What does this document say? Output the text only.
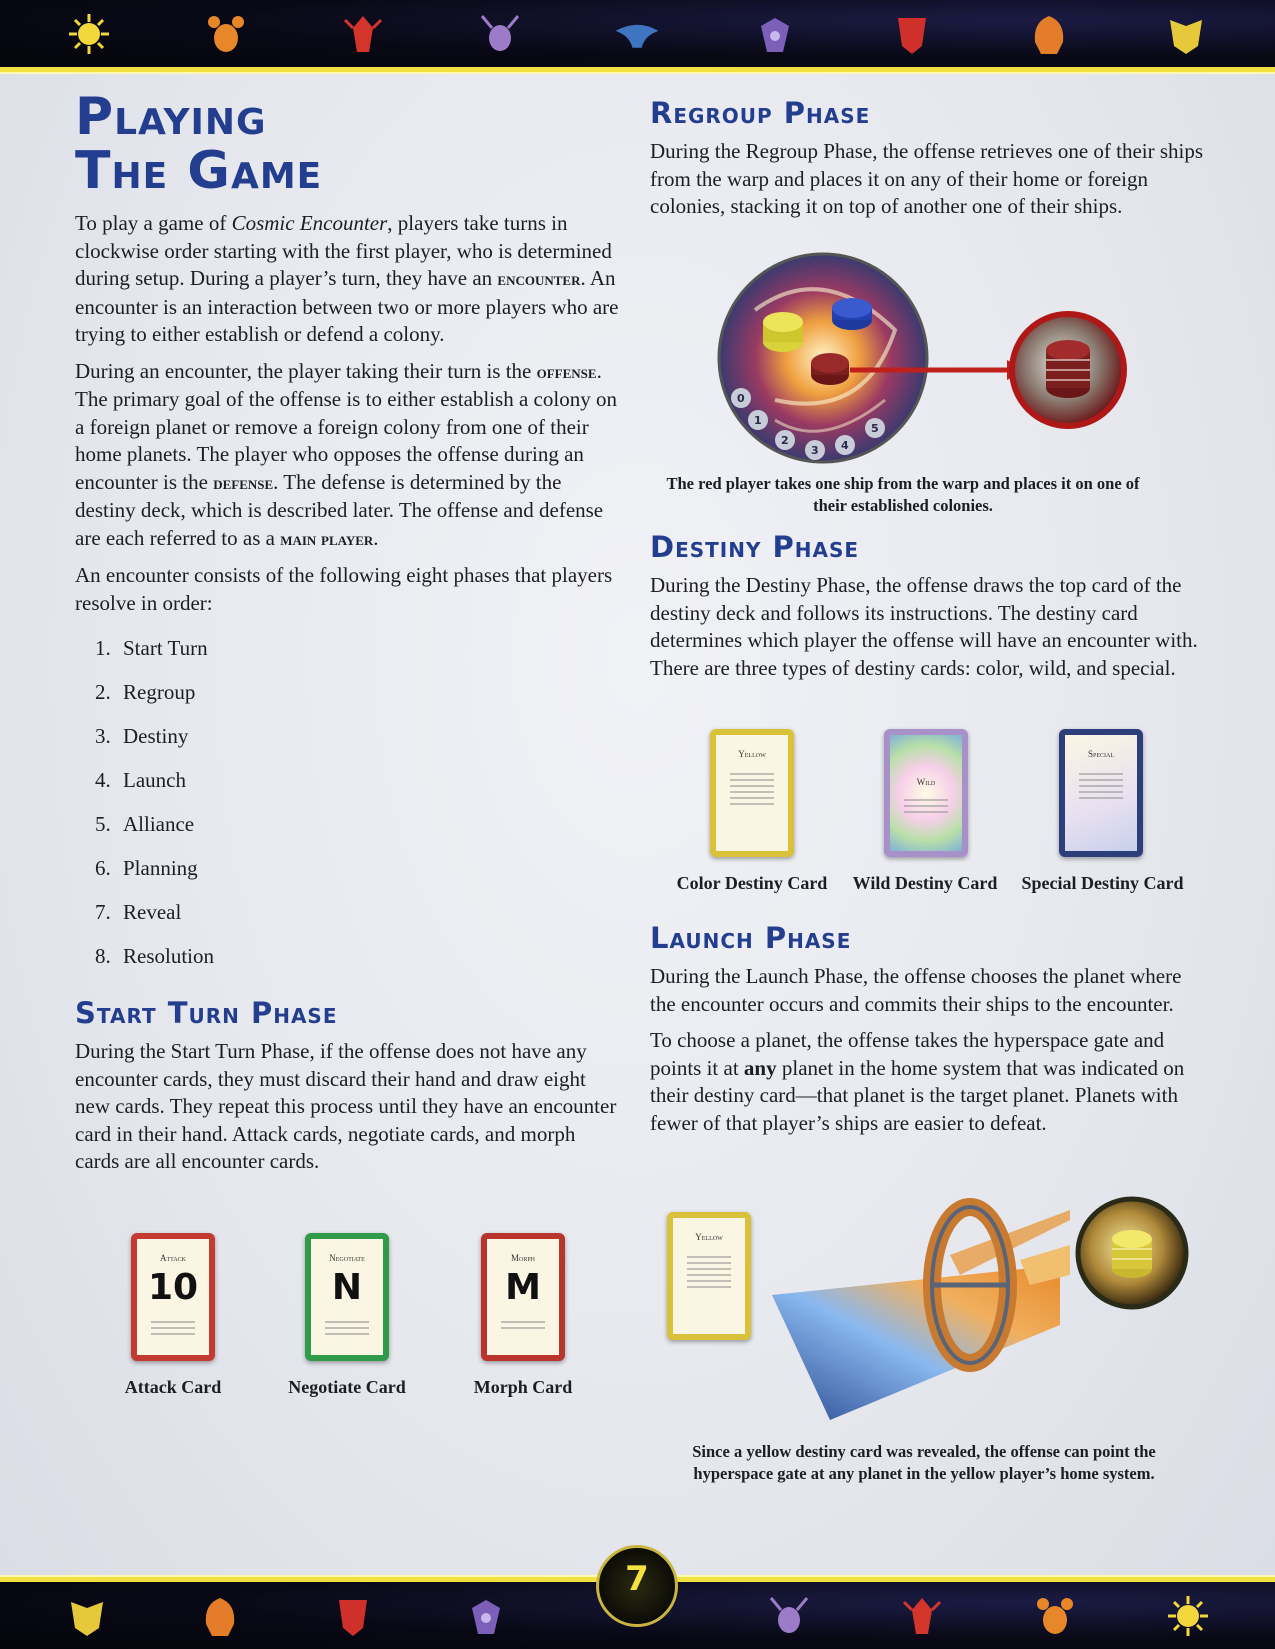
Playing
The Game

To play a game of Cosmic Encounter, players take turns in clockwise order starting with the first player, who is determined during setup. During a player’s turn, they have an encounter. An encounter is an interaction between two or more players who are trying to either establish or defend a colony.

During an encounter, the player taking their turn is the offense. The primary goal of the offense is to either establish a colony on a foreign planet or remove a foreign colony from one of their home planets. The player who opposes the offense during an encounter is the defense. The defense is determined by the destiny deck, which is described later. The offense and defense are each referred to as a main player.

An encounter consists of the following eight phases that players resolve in order:

1. Start Turn
2. Regroup
3. Destiny
4. Launch
5. Alliance
6. Planning
7. Reveal
8. Resolution
Start Turn Phase

During the Start Turn Phase, if the offense does not have any encounter cards, they must discard their hand and draw eight new cards. They repeat this process until they have an encounter card in their hand. Attack cards, negotiate cards, and morph cards are all encounter cards.

Attack
10
Negotiate
N
Morph
M
Attack Card	Negotiate Card	Morph Card
Regroup Phase

During the Regroup Phase, the offense retrieves one of their ships from the warp and places it on any of their home or foreign colonies, stacking it on top of another one of their ships.

0
1
2
3 4
5
The red player takes one ship from the warp and places it on one of their established colonies.
Destiny Phase

During the Destiny Phase, the offense draws the top card of the destiny deck and follows its instructions. The destiny card determines which player the offense will have an encounter with. There are three types of destiny cards: color, wild, and special.

Yellow
Wild
Special
Color Destiny Card	Wild Destiny Card	Special Destiny Card
Launch Phase

During the Launch Phase, the offense chooses the planet where the encounter occurs and commits their ships to the encounter.

To choose a planet, the offense takes the hyperspace gate and points it at any planet in the home system that was indicated on their destiny card—that planet is the target planet. Planets with fewer of that player’s ships are easier to defeat.

Yellow
Since a yellow destiny card was revealed, the offense can point the hyperspace gate at any planet in the yellow player’s home system.
7
